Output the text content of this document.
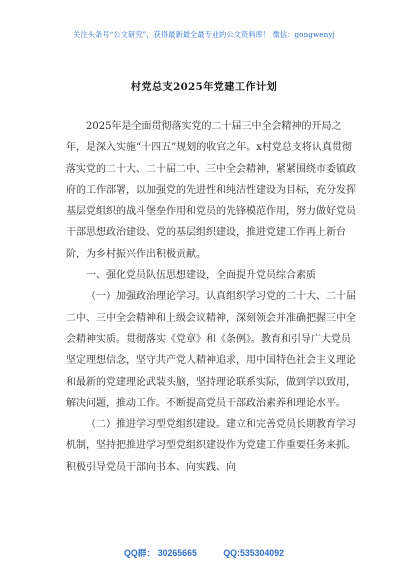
关注头条号“公文研究”，获得最新最全最专业的公文资料库！ 微信：gongwenyj
村党总支2025年党建工作计划

2025年是全面贯彻落实党的二十届三中全会精神的开局之年，是深入实施“十四五”规划的收官之年。x村党总支将认真贯彻落实党的二十大、二十届二中、三中全会精神，紧紧围绕市委镇政府的工作部署，以加强党的先进性和纯洁性建设为目标，充分发挥基层党组织的战斗堡垒作用和党员的先锋模范作用，努力做好党员干部思想政治建设、党的基层组织建设，推进党建工作再上新台阶，为乡村振兴作出积极贡献。

一、强化党员队伍思想建设，全面提升党员综合素质

（一）加强政治理论学习。认真组织学习党的二十大、二十届二中、三中全会精神和上级会议精神，深刻领会并准确把握三中全会精神实质。贯彻落实《党章》和《条例》。教育和引导广大党员坚定理想信念，坚守共产党人精神追求，用中国特色社会主义理论和最新的党建理论武装头脑，坚持理论联系实际，做到学以致用，解决问题，推动工作。不断提高党员干部政治素养和理论水平。

（二）推进学习型党组织建设。建立和完善党员长期教育学习机制，坚持把推进学习型党组织建设作为党建工作重要任务来抓。积极引导党员干部向书本、向实践、向

QQ群： 30265665	QQ:535304092
